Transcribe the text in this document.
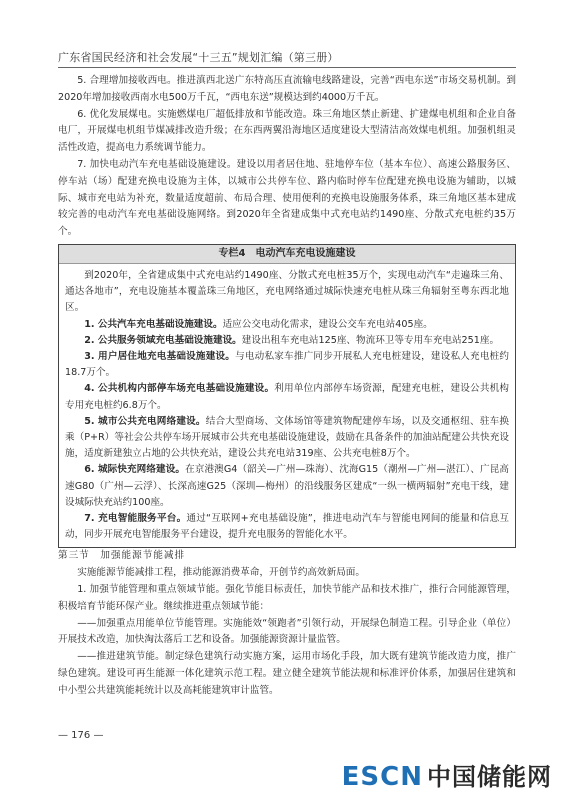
广东省国民经济和社会发展“十三五”规划汇编（第三册）

5. 合理增加接收西电。推进滇西北送广东特高压直流输电线路建设，完善“西电东送”市场交易机制。到2020年增加接收西南水电500万千瓦，“西电东送”规模达到约4000万千瓦。

6. 优化发展煤电。实施燃煤电厂超低排放和节能改造。珠三角地区禁止新建、扩建煤电机组和企业自备电厂，开展煤电机组节煤减排改造升级；在东西两翼沿海地区适度建设大型清洁高效煤电机组。加强机组灵活性改造，提高电力系统调节能力。

7. 加快电动汽车充电基础设施建设。建设以用者居住地、驻地停车位（基本车位）、高速公路服务区、停车站（场）配建充换电设施为主体，以城市公共停车位、路内临时停车位配建充换电设施为辅助，以城际、城市充电站为补充，数量适度超前、布局合理、使用便利的充换电设施服务体系，珠三角地区基本建成较完善的电动汽车充电基础设施网络。到2020年全省建成集中式充电站约1490座、分散式充电桩约35万个。

专栏4　电动汽车充电设施建设

到2020年，全省建成集中式充电站约1490座、分散式充电桩35万个，实现电动汽车“走遍珠三角、通达各地市”，充电设施基本覆盖珠三角地区，充电网络通过城际快速充电桩从珠三角辐射至粤东西北地区。

1. 公共汽车充电基础设施建设。适应公交电动化需求，建设公交车充电站405座。

2. 公共服务领域充电基础设施建设。建设出租车充电站125座、物流环卫等专用车充电站251座。

3. 用户居住地充电基础设施建设。与电动私家车推广同步开展私人充电桩建设，建设私人充电桩约18.7万个。

4. 公共机构内部停车场充电基础设施建设。利用单位内部停车场资源，配建充电桩，建设公共机构专用充电桩约6.8万个。

5. 城市公共充电网络建设。结合大型商场、文体场馆等建筑物配建停车场，以及交通枢纽、驻车换乘（P+R）等社会公共停车场开展城市公共充电基础设施建设，鼓励在具备条件的加油站配建公共快充设施，适度新建独立占地的公共快充站，建设公共充电站319座、公共充电桩8万个。

6. 城际快充网络建设。在京港澳G4（韶关—广州—珠海）、沈海G15（潮州—广州—湛江）、广昆高速G80（广州—云浮）、长深高速G25（深圳—梅州）的沿线服务区建成“一纵一横两辐射”充电干线，建设城际快充站约100座。

7. 充电智能服务平台。通过“互联网+充电基础设施”，推进电动汽车与智能电网间的能量和信息互动，同步开展充电智能服务平台建设，提升充电服务的智能化水平。

第三节　加强能源节能减排

实施能源节能减排工程，推动能源消费革命，开创节约高效新局面。

1. 加强节能管理和重点领域节能。强化节能目标责任，加快节能产品和技术推广，推行合同能源管理，积极培育节能环保产业。继续推进重点领域节能：

——加强重点用能单位节能管理。实施能效“领跑者”引领行动，开展绿色制造工程。引导企业（单位）开展技术改造，加快淘汰落后工艺和设备。加强能源资源计量监管。

——推进建筑节能。制定绿色建筑行动实施方案，运用市场化手段，加大既有建筑节能改造力度，推广绿色建筑。建设可再生能源一体化建筑示范工程。建立健全建筑节能法规和标准评价体系，加强居住建筑和中小型公共建筑能耗统计以及高耗能建筑审计监管。

— 176 —
ESCN 中国储能网
